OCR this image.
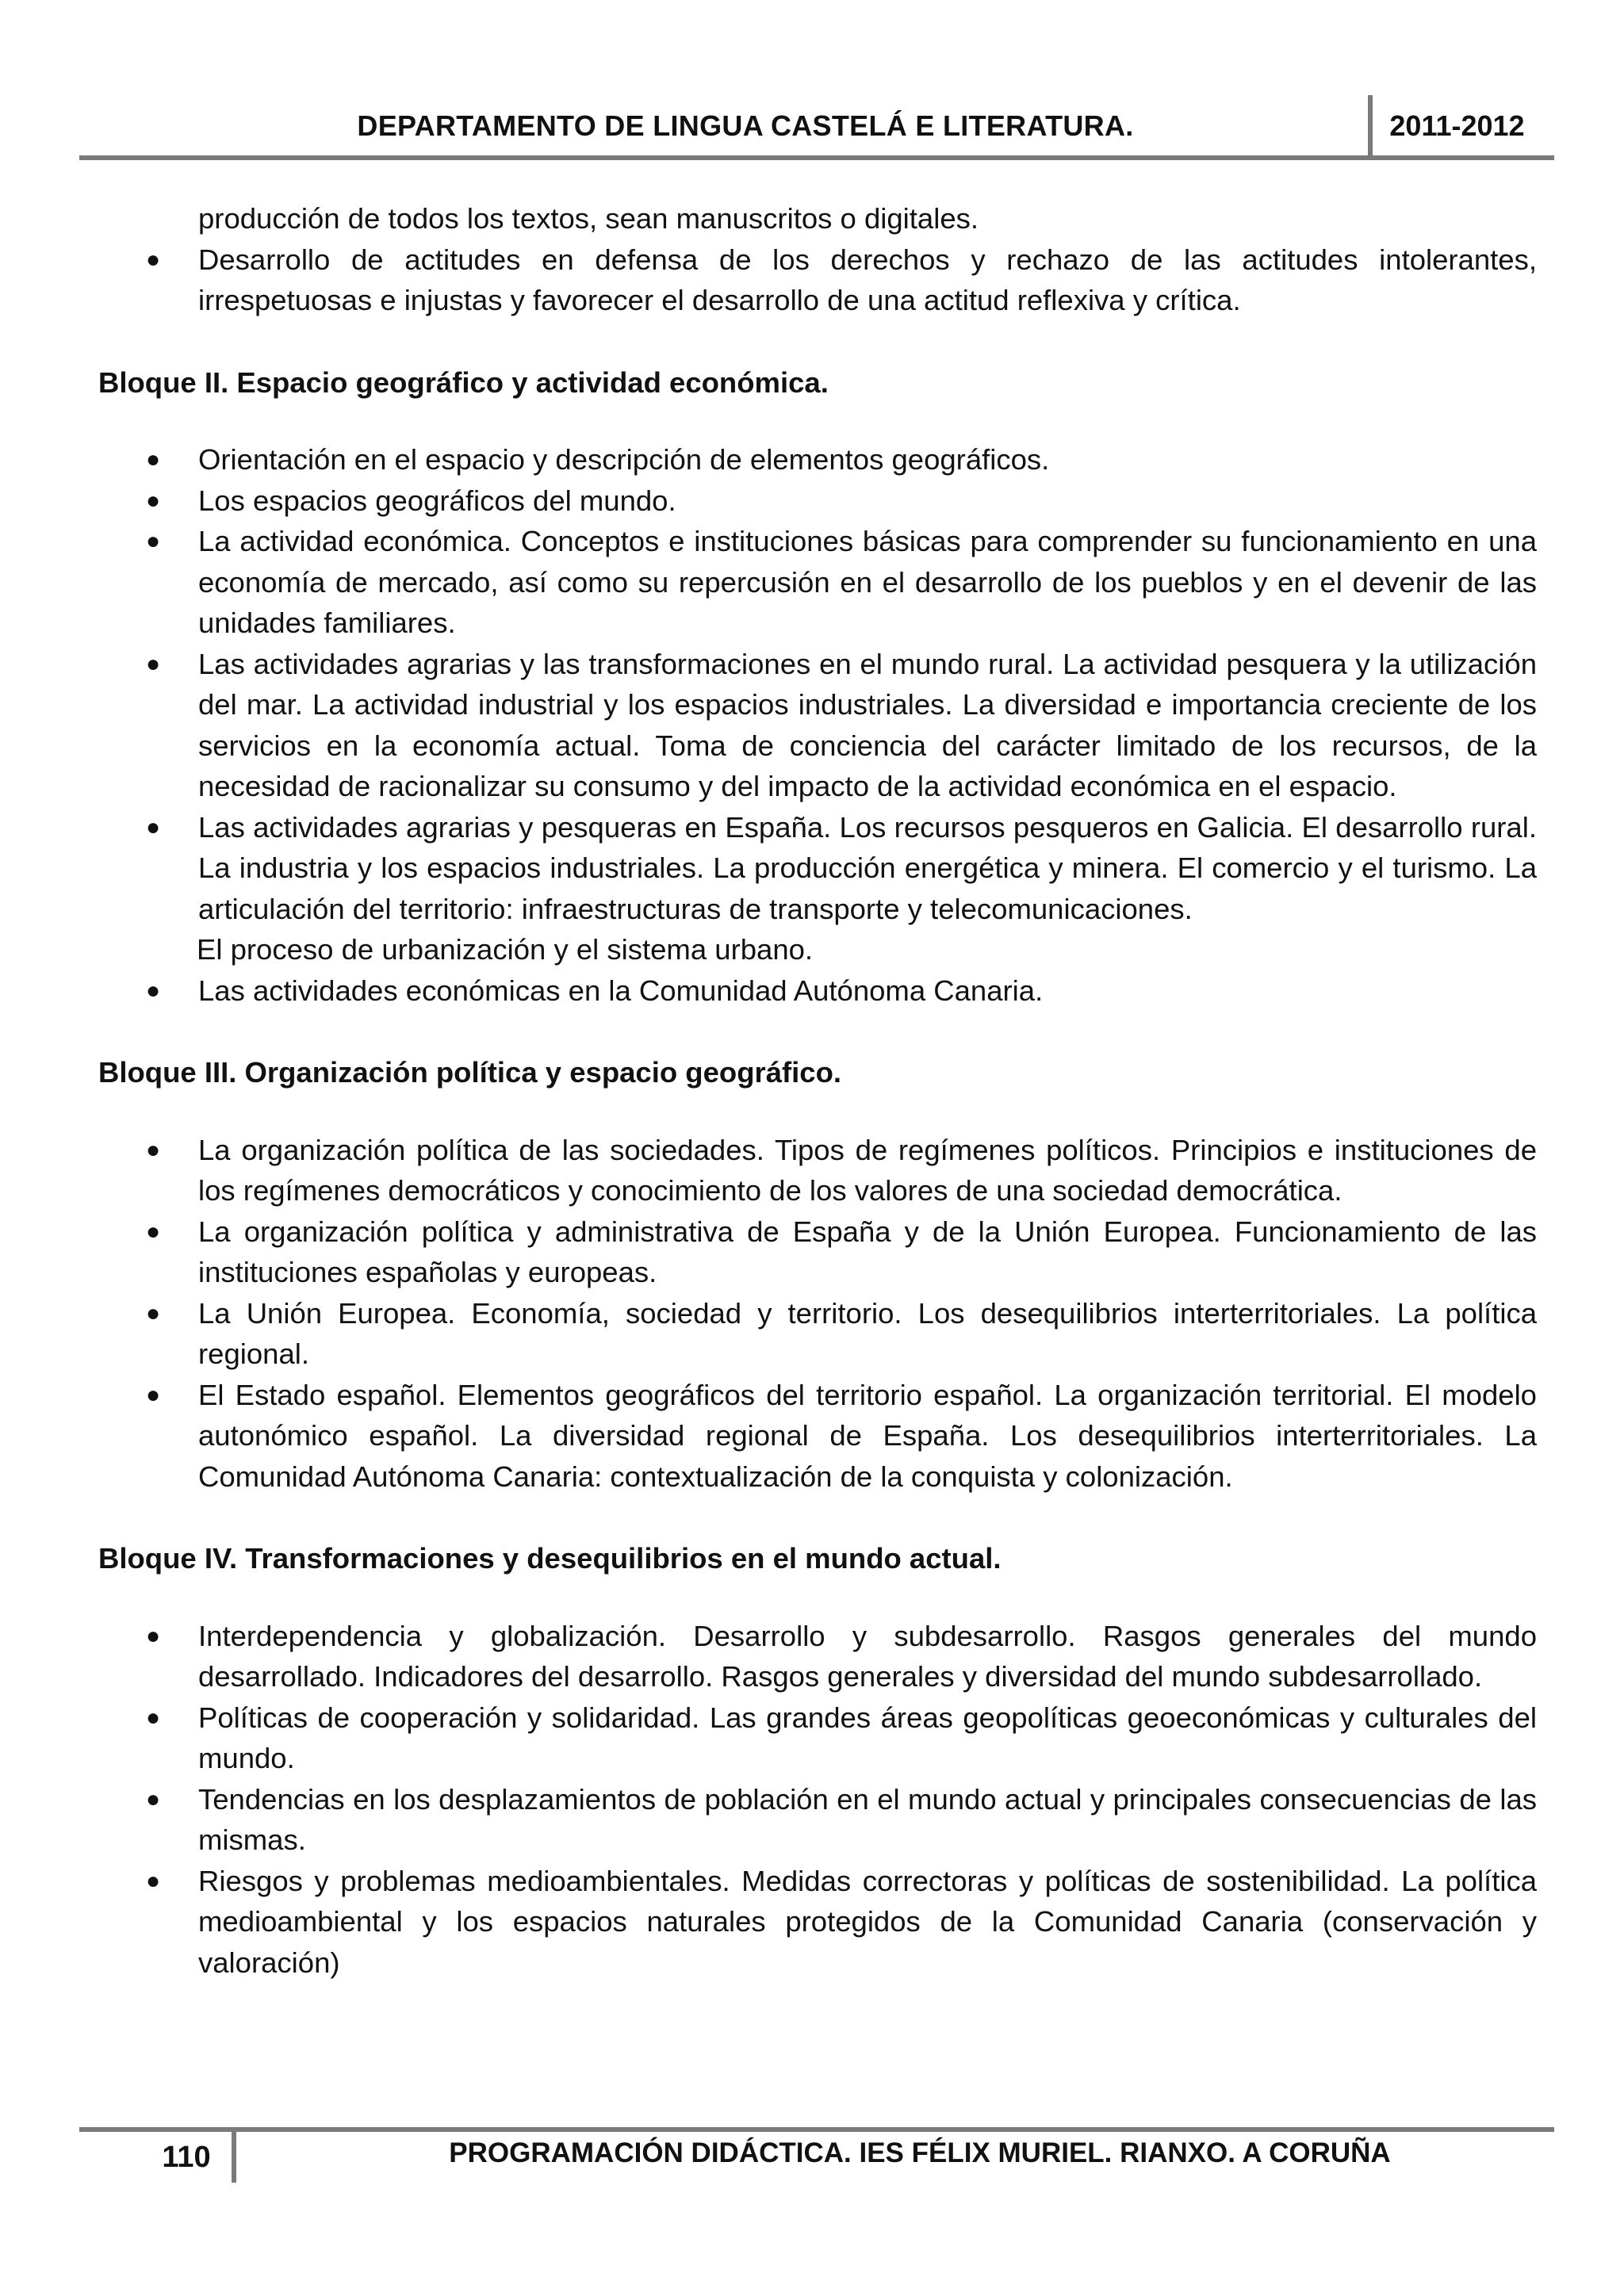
DEPARTAMENTO DE LINGUA CASTELÁ E LITERATURA.	2011-2012

producción de todos los textos, sean manuscritos o digitales.

● Desarrollo de actitudes en defensa de los derechos y rechazo de las actitudes intolerantes, irrespetuosas e injustas y favorecer el desarrollo de una actitud reflexiva y crítica.

Bloque II. Espacio geográfico y actividad económica.

● Orientación en el espacio y descripción de elementos geográficos.
● Los espacios geográficos del mundo.
● La actividad económica. Conceptos e instituciones básicas para comprender su funcionamiento en una economía de mercado, así como su repercusión en el desarrollo de los pueblos y en el devenir de las unidades familiares.
● Las actividades agrarias y las transformaciones en el mundo rural. La actividad pesquera y la utilización del mar. La actividad industrial y los espacios industriales. La diversidad e importancia creciente de los servicios en la economía actual. Toma de conciencia del carácter limitado de los recursos, de la necesidad de racionalizar su consumo y del impacto de la actividad económica en el espacio.
● Las actividades agrarias y pesqueras en España. Los recursos pesqueros en Galicia. El desarrollo rural. La industria y los espacios industriales. La producción energética y minera. El comercio y el turismo. La articulación del territorio: infraestructuras de transporte y telecomunicaciones.

El proceso de urbanización y el sistema urbano.

● Las actividades económicas en la Comunidad Autónoma Canaria.

Bloque III. Organización política y espacio geográfico.

● La organización política de las sociedades. Tipos de regímenes políticos. Principios e instituciones de los regímenes democráticos y conocimiento de los valores de una sociedad democrática.
● La organización política y administrativa de España y de la Unión Europea. Funcionamiento de las instituciones españolas y europeas.
● La Unión Europea. Economía, sociedad y territorio. Los desequilibrios interterritoriales. La política regional.
● El Estado español. Elementos geográficos del territorio español. La organización territorial. El modelo autonómico español. La diversidad regional de España. Los desequilibrios interterritoriales. La Comunidad Autónoma Canaria: contextualización de la conquista y colonización.

Bloque IV. Transformaciones y desequilibrios en el mundo actual.

● Interdependencia y globalización. Desarrollo y subdesarrollo. Rasgos generales del mundo desarrollado. Indicadores del desarrollo. Rasgos generales y diversidad del mundo subdesarrollado.
● Políticas de cooperación y solidaridad. Las grandes áreas geopolíticas geoeconómicas y culturales del mundo.
● Tendencias en los desplazamientos de población en el mundo actual y principales consecuencias de las mismas.
● Riesgos y problemas medioambientales. Medidas correctoras y políticas de sostenibilidad. La política medioambiental y los espacios naturales protegidos de la Comunidad Canaria (conservación y valoración)
110	PROGRAMACIÓN DIDÁCTICA. IES FÉLIX MURIEL. RIANXO. A CORUÑA
